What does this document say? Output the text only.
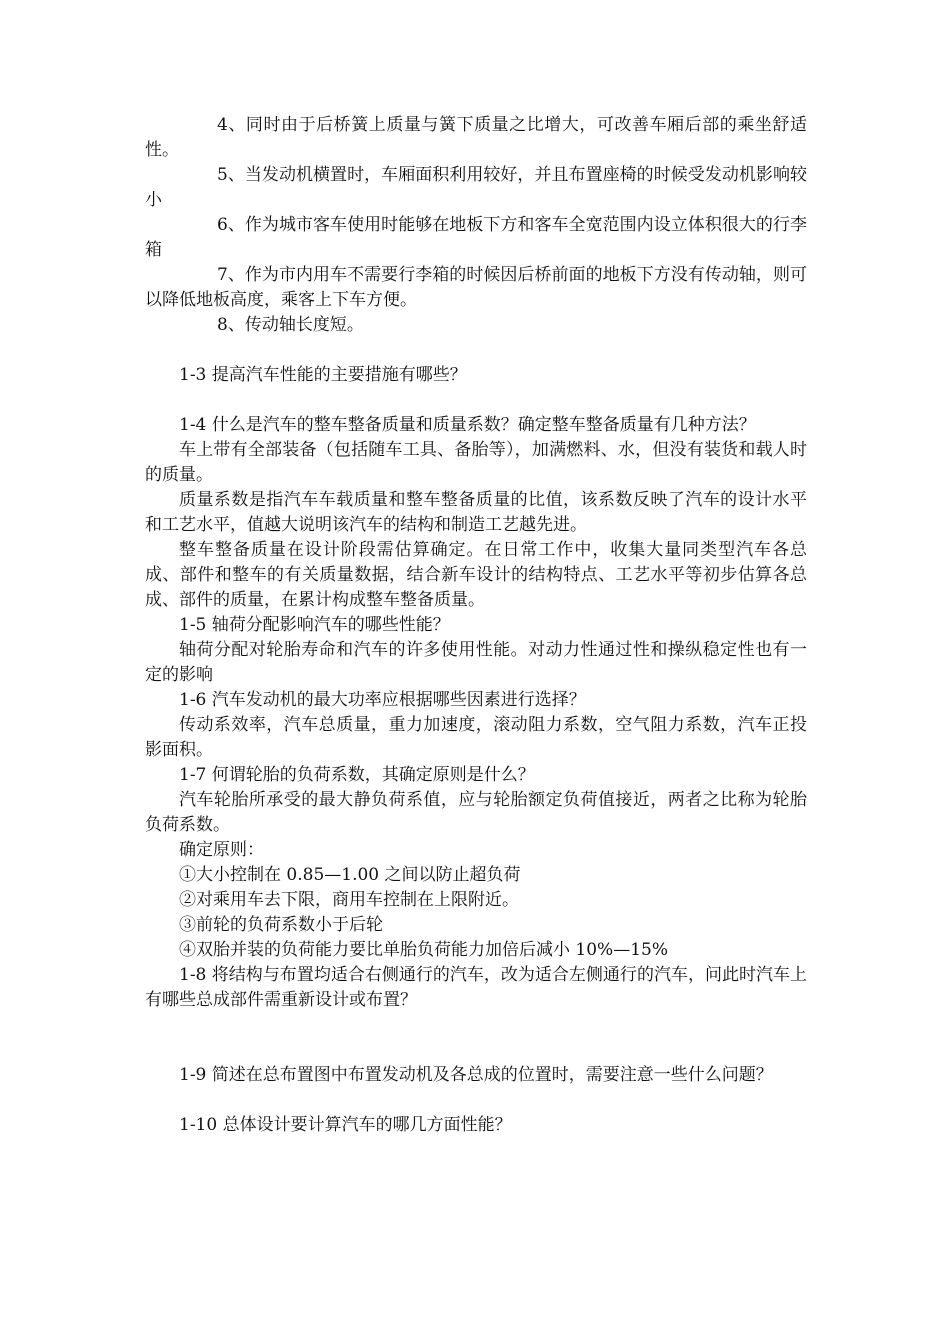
4、同时由于后桥簧上质量与簧下质量之比增大，可改善车厢后部的乘坐舒适性。

5、当发动机横置时，车厢面积利用较好，并且布置座椅的时候受发动机影响较小

6、作为城市客车使用时能够在地板下方和客车全宽范围内设立体积很大的行李箱

7、作为市内用车不需要行李箱的时候因后桥前面的地板下方没有传动轴，则可以降低地板高度，乘客上下车方便。

8、传动轴长度短。

1-3 提高汽车性能的主要措施有哪些？

1-4 什么是汽车的整车整备质量和质量系数？确定整车整备质量有几种方法？

车上带有全部装备（包括随车工具、备胎等），加满燃料、水，但没有装货和载人时的质量。

质量系数是指汽车车载质量和整车整备质量的比值，该系数反映了汽车的设计水平和工艺水平，值越大说明该汽车的结构和制造工艺越先进。

整车整备质量在设计阶段需估算确定。在日常工作中，收集大量同类型汽车各总成、部件和整车的有关质量数据，结合新车设计的结构特点、工艺水平等初步估算各总成、部件的质量，在累计构成整车整备质量。

1-5 轴荷分配影响汽车的哪些性能？

轴荷分配对轮胎寿命和汽车的许多使用性能。对动力性通过性和操纵稳定性也有一定的影响

1-6 汽车发动机的最大功率应根据哪些因素进行选择？

传动系效率，汽车总质量，重力加速度，滚动阻力系数，空气阻力系数，汽车正投影面积。

1-7 何谓轮胎的负荷系数，其确定原则是什么？

汽车轮胎所承受的最大静负荷系值，应与轮胎额定负荷值接近，两者之比称为轮胎负荷系数。

确定原则：

①大小控制在 0.85—1.00 之间以防止超负荷

②对乘用车去下限，商用车控制在上限附近。

③前轮的负荷系数小于后轮

④双胎并装的负荷能力要比单胎负荷能力加倍后减小 10%—15%

1-8 将结构与布置均适合右侧通行的汽车，改为适合左侧通行的汽车，问此时汽车上有哪些总成部件需重新设计或布置？

1-9 简述在总布置图中布置发动机及各总成的位置时，需要注意一些什么问题？

1-10 总体设计要计算汽车的哪几方面性能？
